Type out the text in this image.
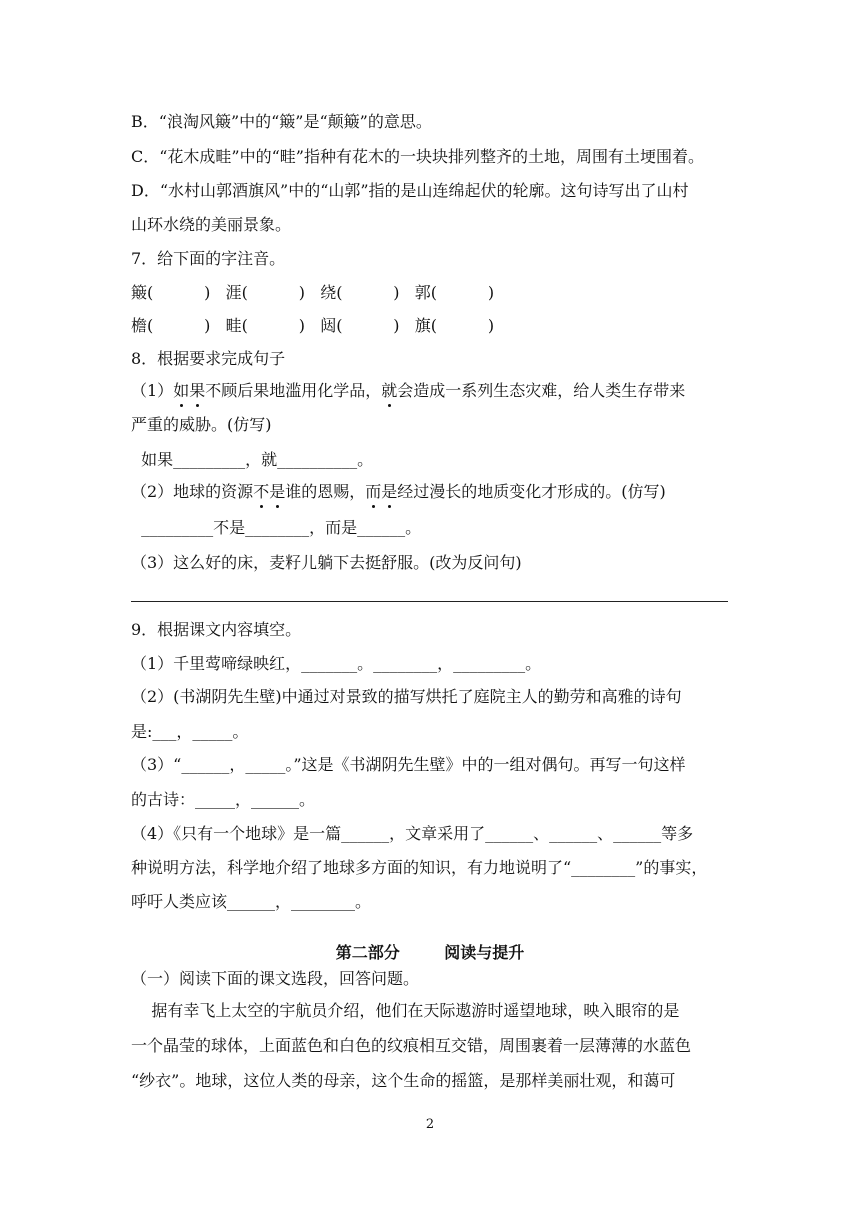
B．“浪淘风簸”中的“簸”是“颠簸”的意思。
C．“花木成畦”中的“畦”指种有花木的一块块排列整齐的土地，周围有土埂围着。
D．“水村山郭酒旗风”中的“山郭”指的是山连绵起伏的轮廓。这句诗写出了山村
山环水绕的美丽景象。
7．给下面的字注音。
簸(          )   涯(          )   绕(          )   郭(          )
檐(          )   畦(          )   闼(          )   旗(          )
8．根据要求完成句子
（1）如果不顾后果地滥用化学品，就会造成一系列生态灾难，给人类生存带来
严重的威胁。(仿写)
如果_________，就__________。
（2）地球的资源不是谁的恩赐，而是经过漫长的地质变化才形成的。(仿写)
_________不是________，而是______。
（3）这么好的床，麦籽儿躺下去挺舒服。(改为反问句)
9．根据课文内容填空。
（1）千里莺啼绿映红，_______。________，_________。
（2）(书湖阴先生壁)中通过对景致的描写烘托了庭院主人的勤劳和高雅的诗句
是:___，_____。
（3）“______，_____。”这是《书湖阴先生壁》中的一组对偶句。再写一句这样
的古诗：_____，______。
（4）《只有一个地球》是一篇______，文章采用了______、______、______等多
种说明方法，科学地介绍了地球多方面的知识，有力地说明了“________”的事实，
呼吁人类应该______，________。
第二部分        阅读与提升
（一）阅读下面的课文选段，回答问题。
据有幸飞上太空的宇航员介绍，他们在天际遨游时遥望地球，映入眼帘的是
一个晶莹的球体，上面蓝色和白色的纹痕相互交错，周围裹着一层薄薄的水蓝色
“纱衣”。地球，这位人类的母亲，这个生命的摇篮，是那样美丽壮观，和蔼可
2
